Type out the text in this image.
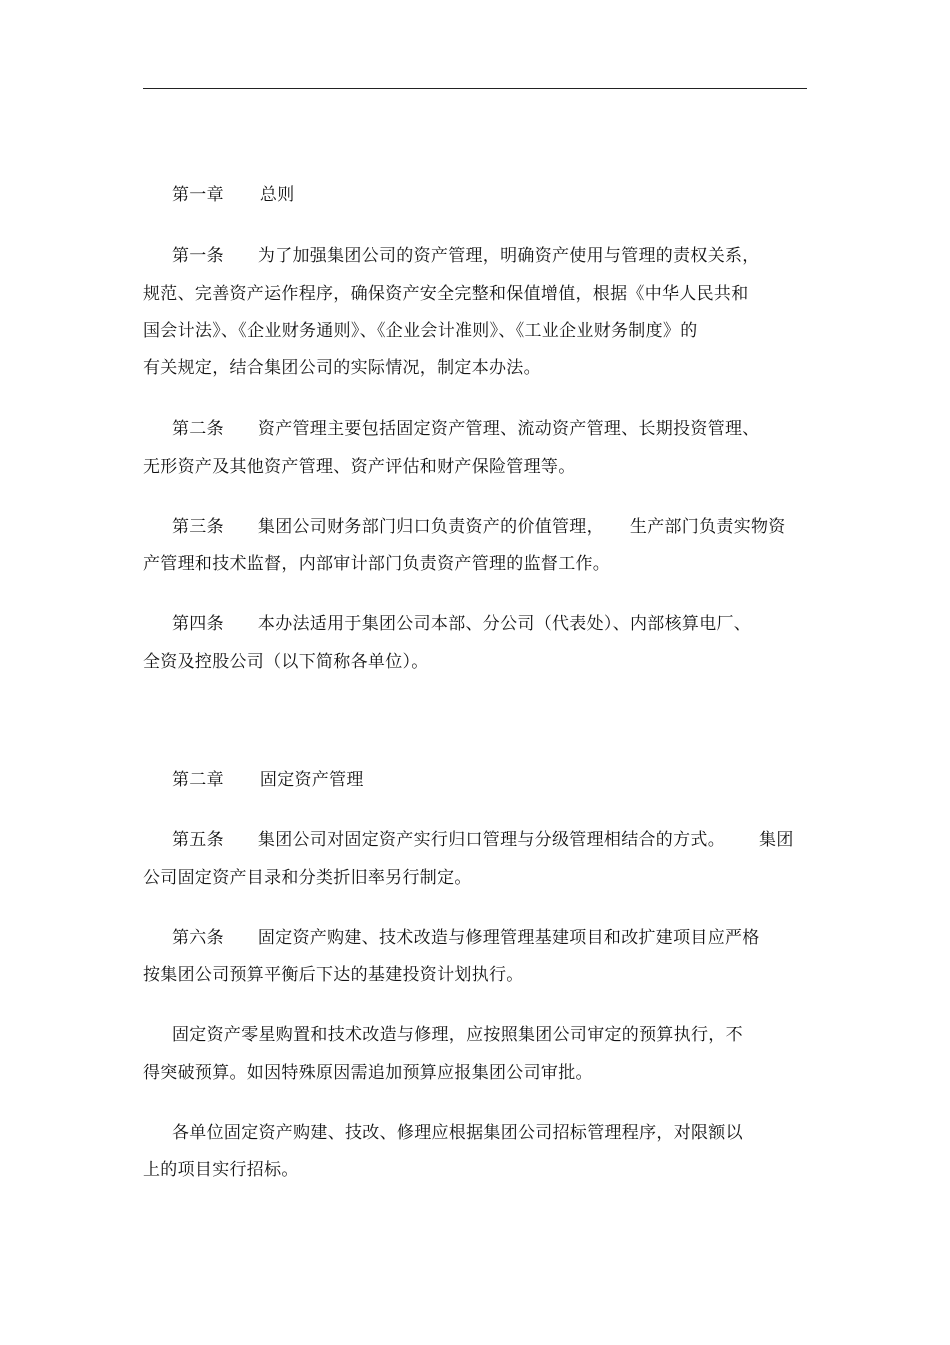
第一章 总则
第一条 为了加强集团公司的资产管理，明确资产使用与管理的责权关系，
规范、完善资产运作程序，确保资产安全完整和保值增值，根据《中华人民共和
国会计法》、《企业财务通则》、《企业会计准则》、《工业企业财务制度》的
有关规定，结合集团公司的实际情况，制定本办法。
第二条 资产管理主要包括固定资产管理、流动资产管理、长期投资管理、
无形资产及其他资产管理、资产评估和财产保险管理等。
第三条 集团公司财务部门归口负责资产的价值管理， 生产部门负责实物资
产管理和技术监督，内部审计部门负责资产管理的监督工作。
第四条 本办法适用于集团公司本部、分公司（代表处）、内部核算电厂、
全资及控股公司（以下简称各单位）。
第二章 固定资产管理
第五条 集团公司对固定资产实行归口管理与分级管理相结合的方式。 集团
公司固定资产目录和分类折旧率另行制定。
第六条 固定资产购建、技术改造与修理管理基建项目和改扩建项目应严格
按集团公司预算平衡后下达的基建投资计划执行。
固定资产零星购置和技术改造与修理，应按照集团公司审定的预算执行，不
得突破预算。如因特殊原因需追加预算应报集团公司审批。
各单位固定资产购建、技改、修理应根据集团公司招标管理程序，对限额以
上的项目实行招标。
